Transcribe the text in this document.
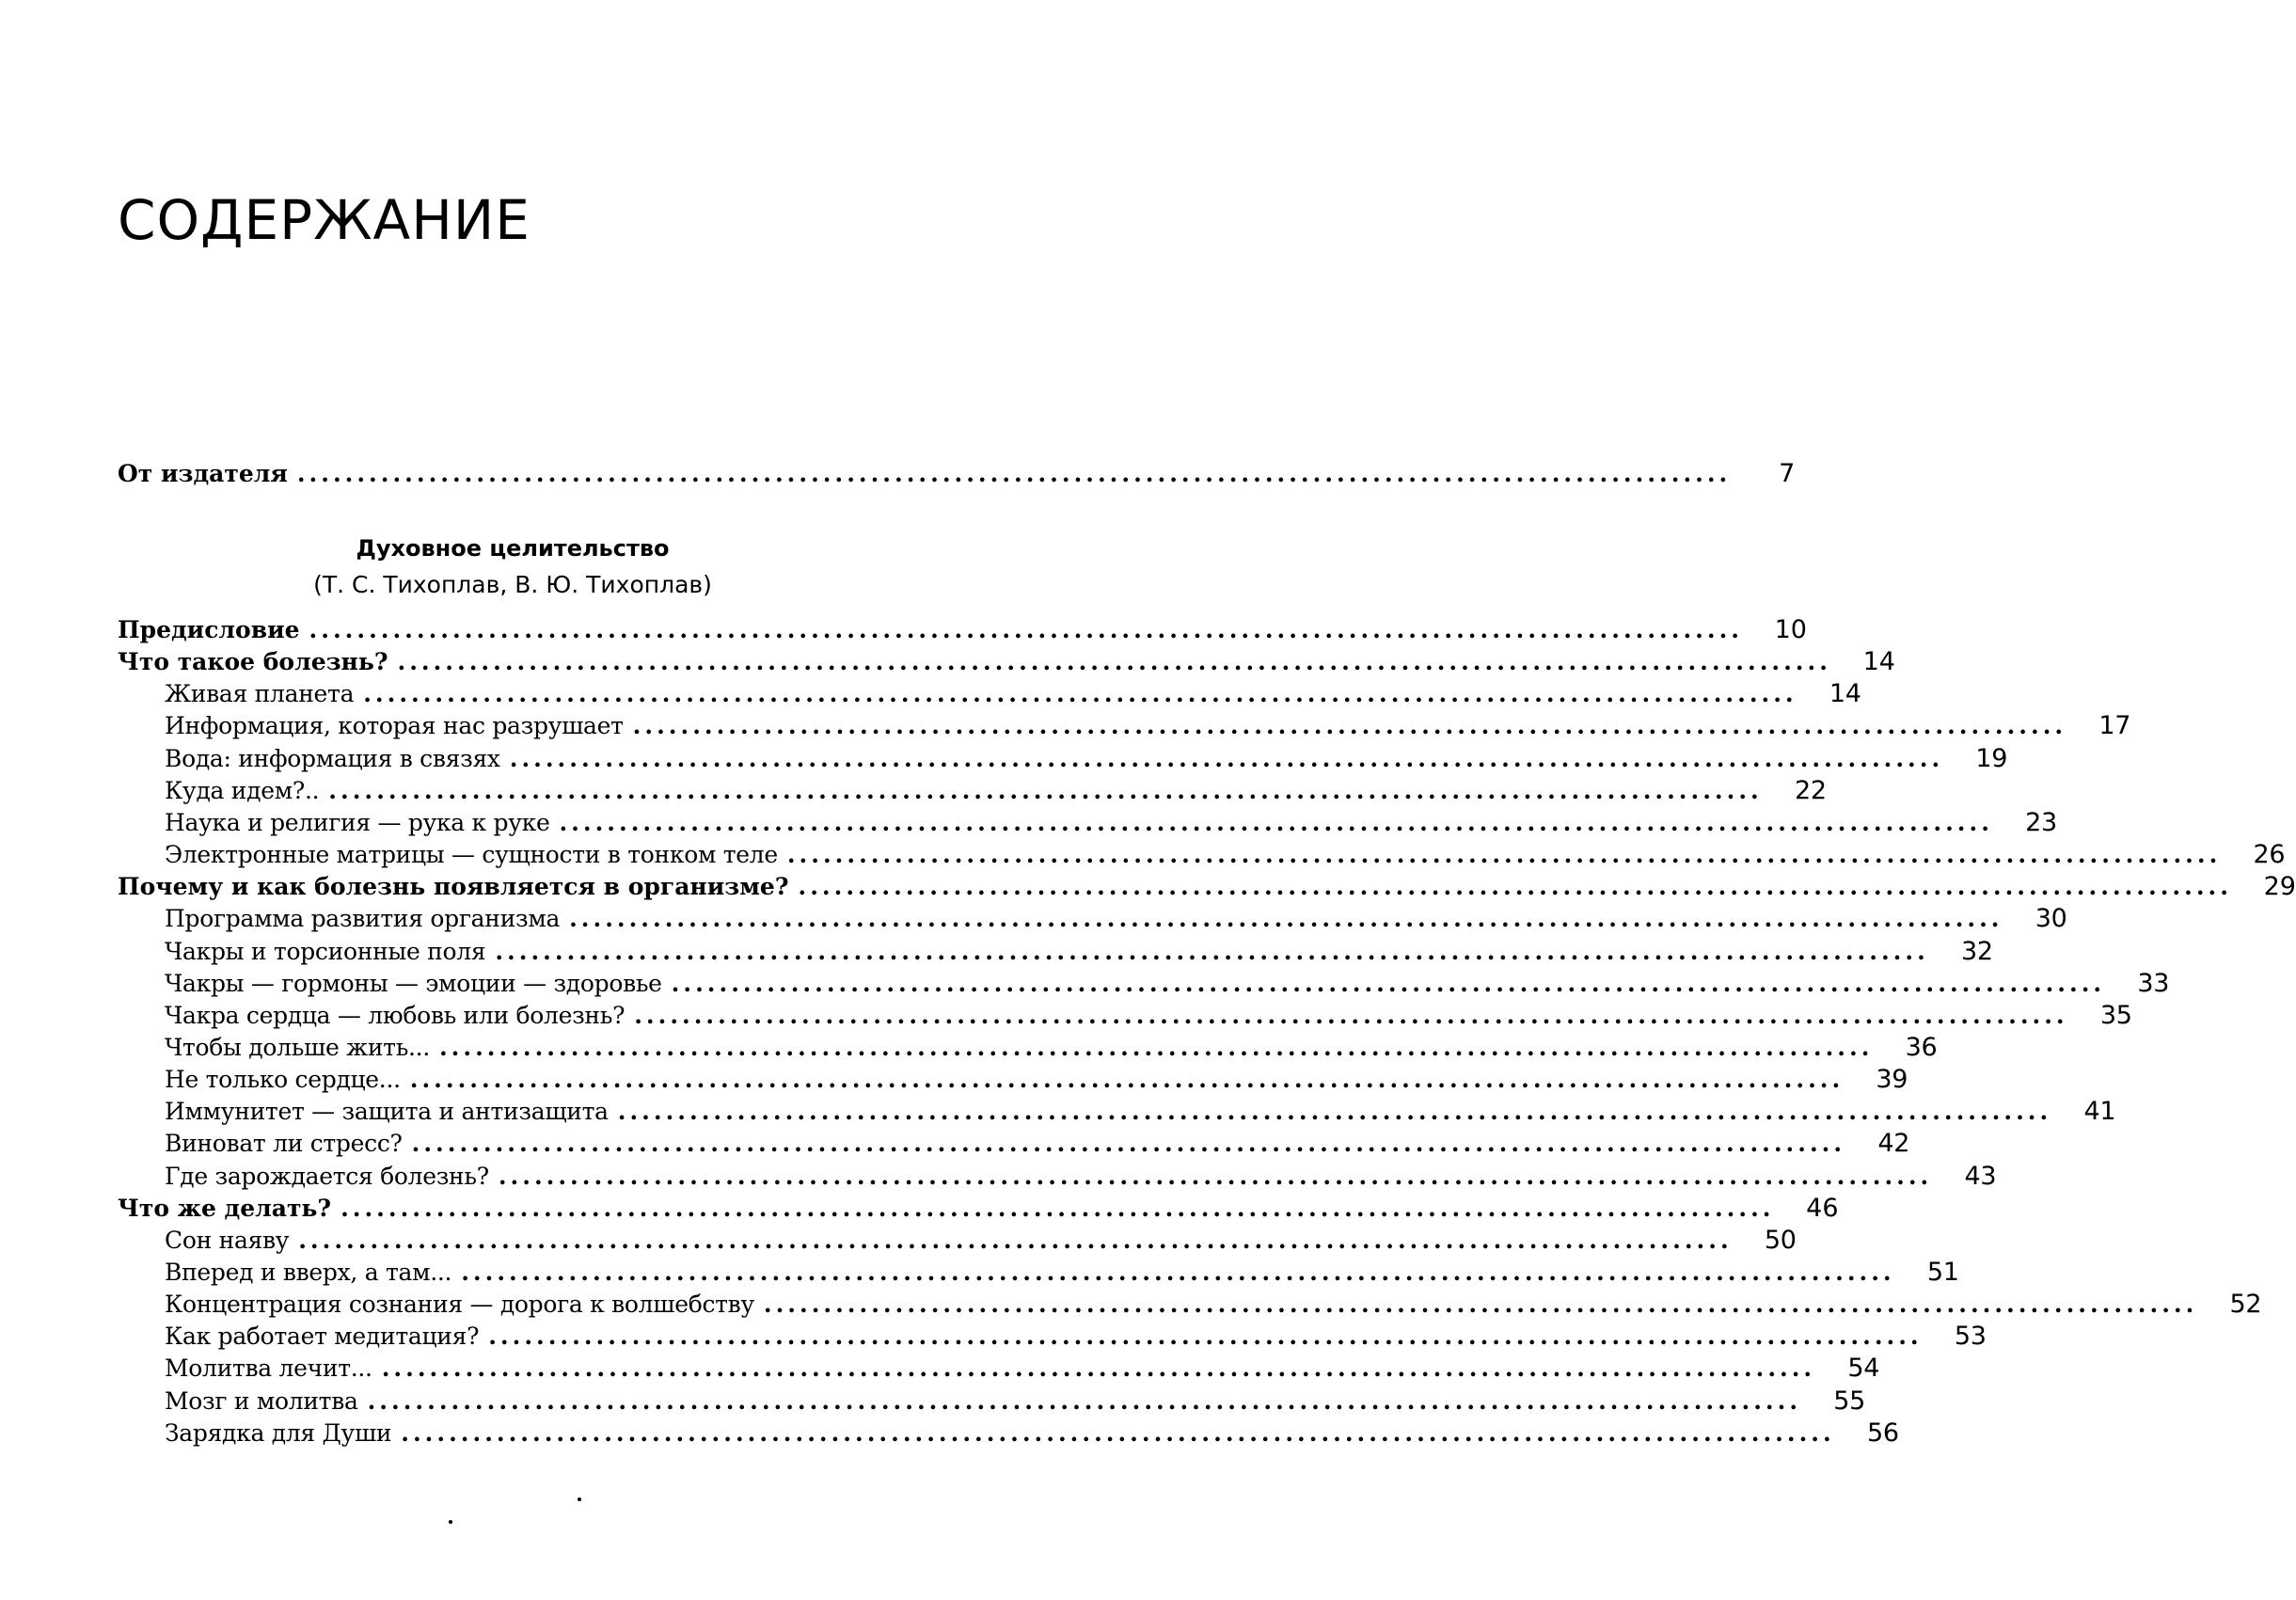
СОДЕРЖАНИЕ
От издателя ........................................................................................................................	7
Духовное целительство
(Т. С. Тихоплав, В. Ю. Тихоплав)
Предисловие ........................................................................................................................	10
Что такое болезнь? ........................................................................................................................	14
Живая планета ........................................................................................................................	14
Информация, которая нас разрушает ........................................................................................................................	17
Вода: информация в связях ........................................................................................................................	19
Куда идем?.. ........................................................................................................................	22
Наука и религия — рука к руке ........................................................................................................................	23
Электронные матрицы — сущности в тонком теле ........................................................................................................................	26
Почему и как болезнь появляется в организме? ........................................................................................................................	29
Программа развития организма ........................................................................................................................	30
Чакры и торсионные поля ........................................................................................................................	32
Чакры — гормоны — эмоции — здоровье ........................................................................................................................	33
Чакра сердца — любовь или болезнь? ........................................................................................................................	35
Чтобы дольше жить... ........................................................................................................................	36
Не только сердце... ........................................................................................................................	39
Иммунитет — защита и антизащита ........................................................................................................................	41
Виноват ли стресс? ........................................................................................................................	42
Где зарождается болезнь? ........................................................................................................................	43
Что же делать? ........................................................................................................................	46
Сон наяву ........................................................................................................................	50
Вперед и вверх, а там... ........................................................................................................................	51
Концентрация сознания — дорога к волшебству ........................................................................................................................	52
Как работает медитация? ........................................................................................................................	53
Молитва лечит... ........................................................................................................................	54
Мозг и молитва ........................................................................................................................	55
Зарядка для Души ........................................................................................................................	56
